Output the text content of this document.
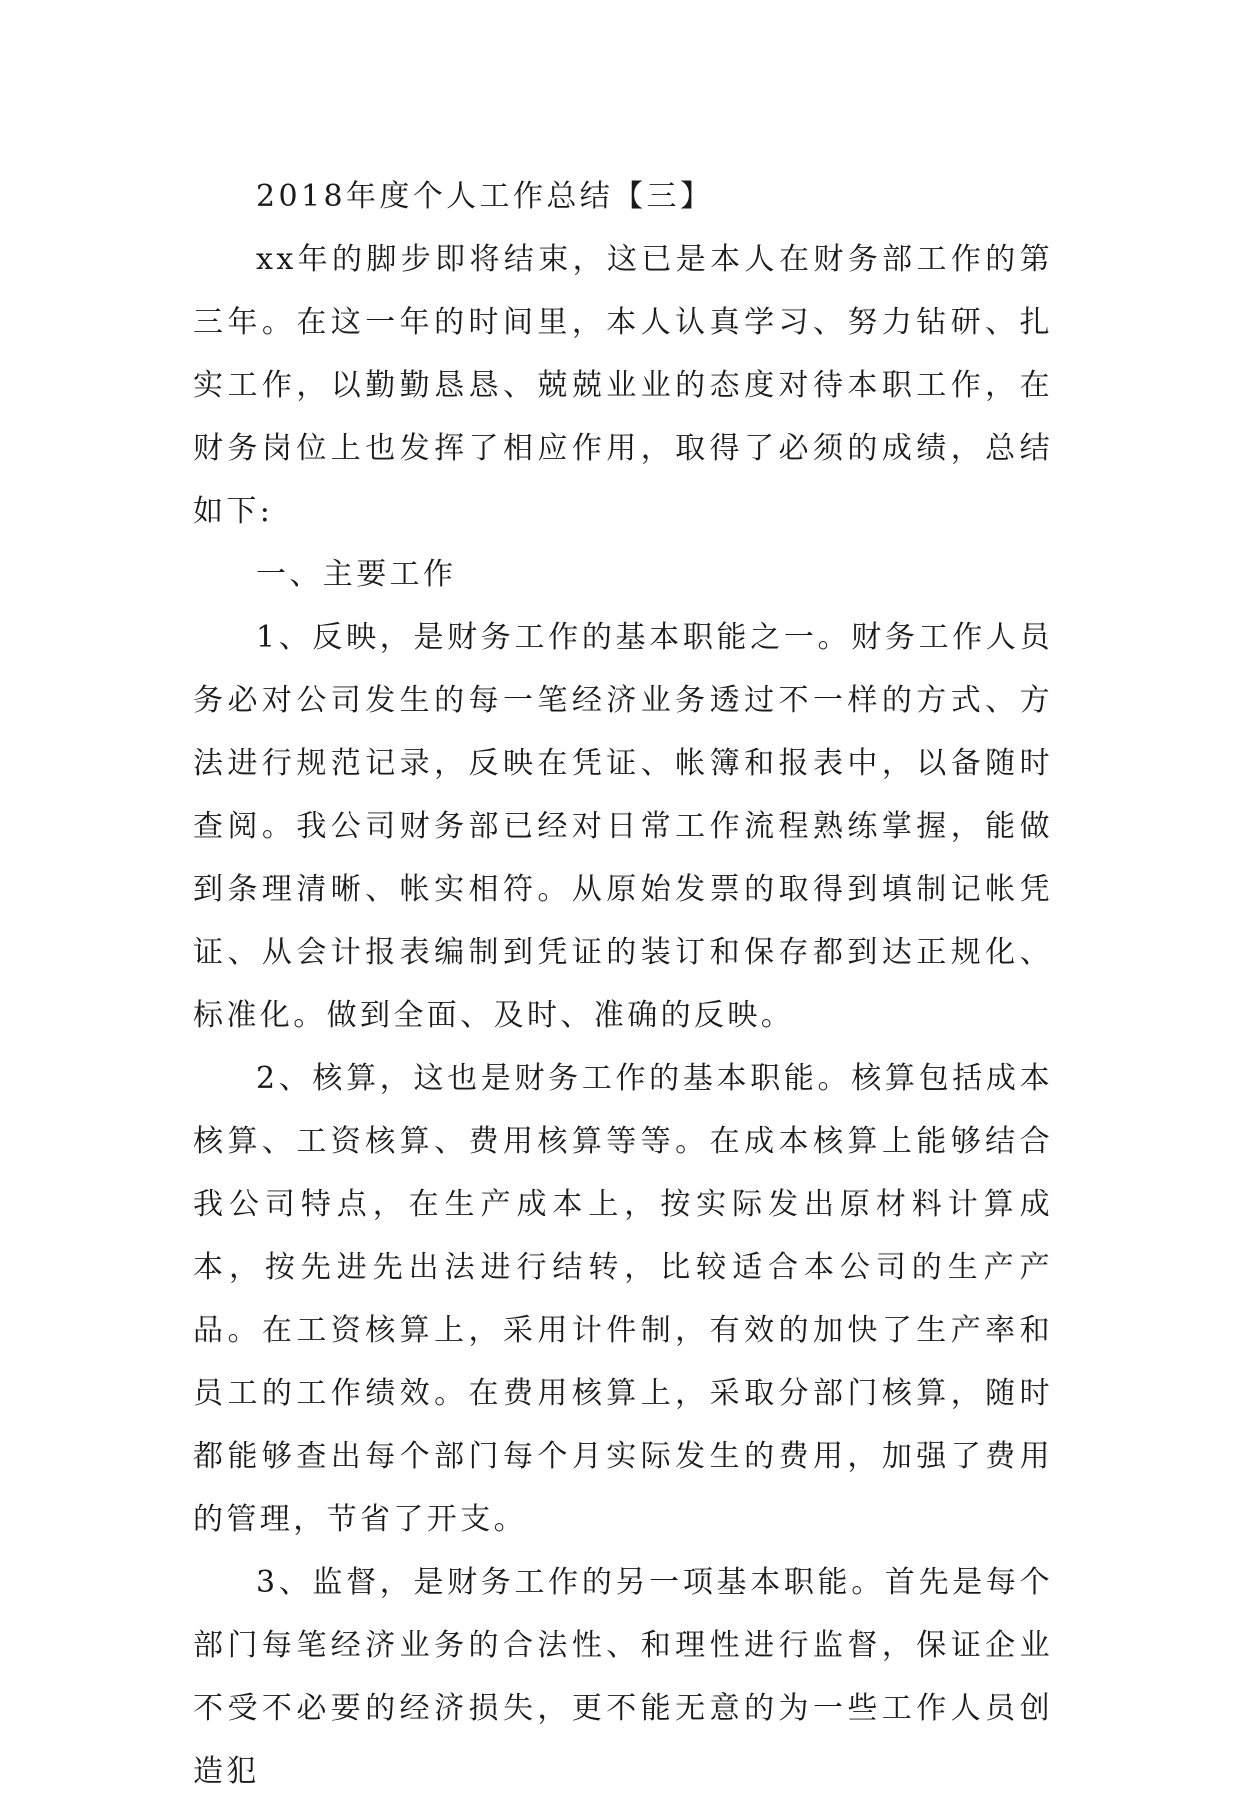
2018年度个人工作总结【三】

xx年的脚步即将结束，这已是本人在财务部工作的第三年。在这一年的时间里，本人认真学习、努力钻研、扎实工作，以勤勤恳恳、兢兢业业的态度对待本职工作，在财务岗位上也发挥了相应作用，取得了必须的成绩，总结如下:

一、主要工作

1、反映，是财务工作的基本职能之一。财务工作人员务必对公司发生的每一笔经济业务透过不一样的方式、方法进行规范记录，反映在凭证、帐簿和报表中，以备随时查阅。我公司财务部已经对日常工作流程熟练掌握，能做到条理清晰、帐实相符。从原始发票的取得到填制记帐凭证、从会计报表编制到凭证的装订和保存都到达正规化、标准化。做到全面、及时、准确的反映。

2、核算，这也是财务工作的基本职能。核算包括成本核算、工资核算、费用核算等等。在成本核算上能够结合我公司特点，在生产成本上，按实际发出原材料计算成本，按先进先出法进行结转，比较适合本公司的生产产品。在工资核算上，采用计件制，有效的加快了生产率和员工的工作绩效。在费用核算上，采取分部门核算，随时都能够查出每个部门每个月实际发生的费用，加强了费用的管理，节省了开支。

3、监督，是财务工作的另一项基本职能。首先是每个部门每笔经济业务的合法性、和理性进行监督，保证企业不受不必要的经济损失，更不能无意的为一些工作人员创造犯
